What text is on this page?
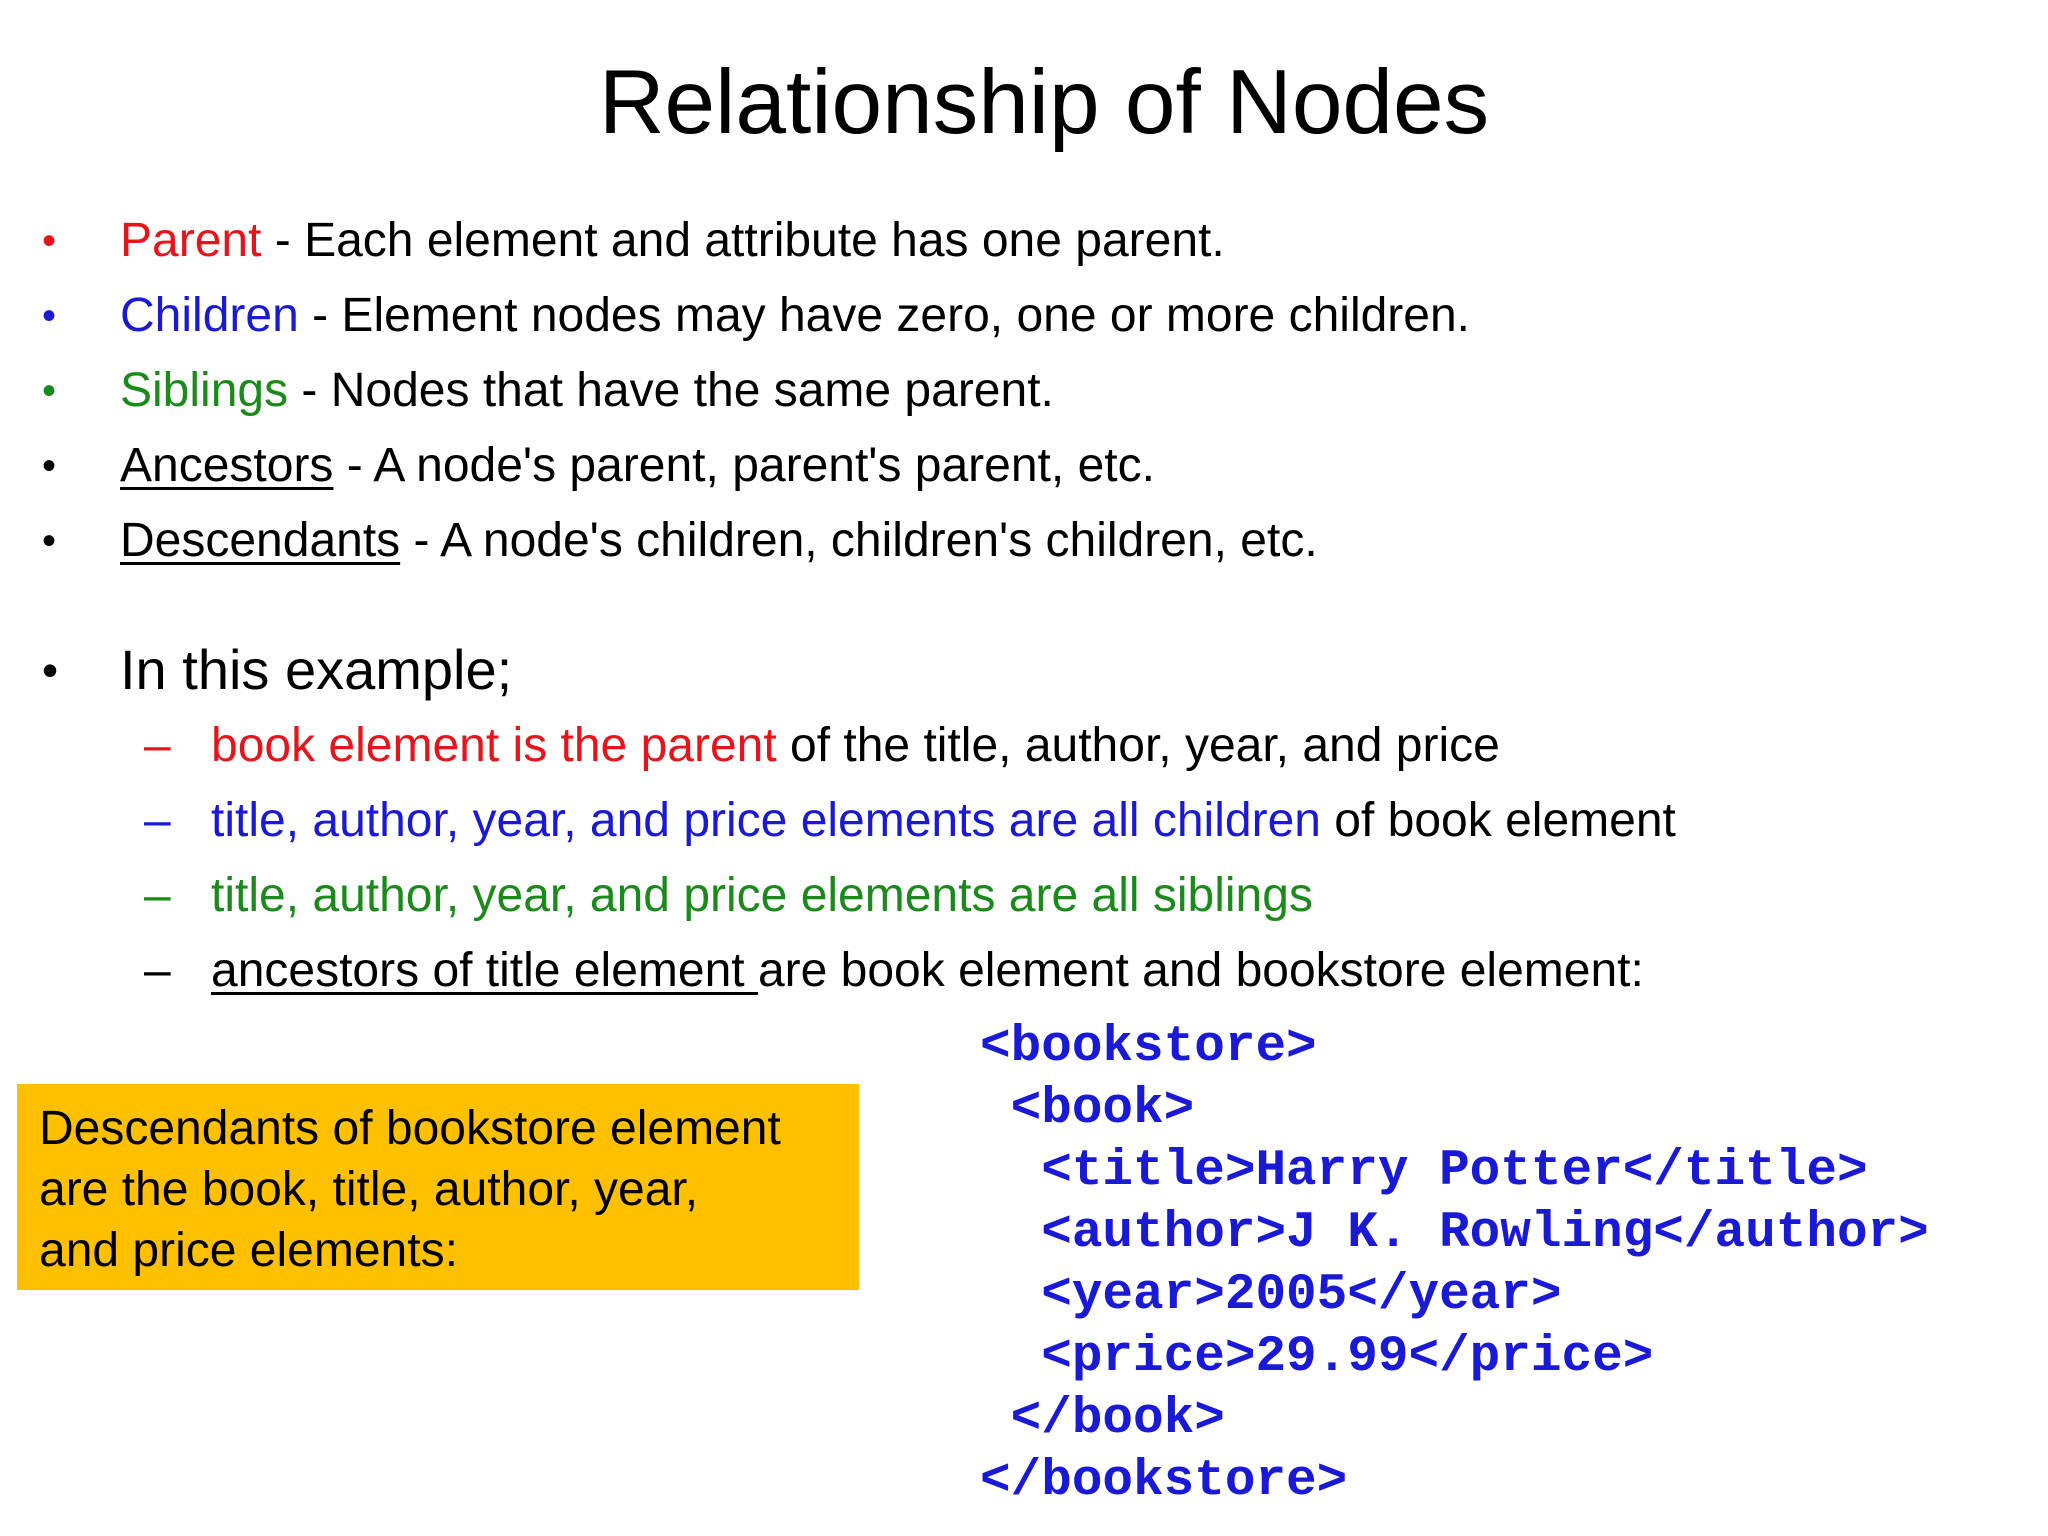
Relationship of Nodes
• Parent - Each element and attribute has one parent.
• Children - Element nodes may have zero, one or more children.
• Siblings - Nodes that have the same parent.
• Ancestors - A node's parent, parent's parent, etc.
• Descendants - A node's children, children's children, etc.
• In this example;
– book element is the parent of the title, author, year, and price
– title, author, year, and price elements are all children of book element
– title, author, year, and price elements are all siblings
– ancestors of title element are book element and bookstore element:
Descendants of bookstore element
are the book, title, author, year,
and price elements:
<bookstore>
<book>
<title>Harry Potter</title>
<author>J K. Rowling</author>
<year>2005</year>
<price>29.99</price>
</book>
</bookstore>
